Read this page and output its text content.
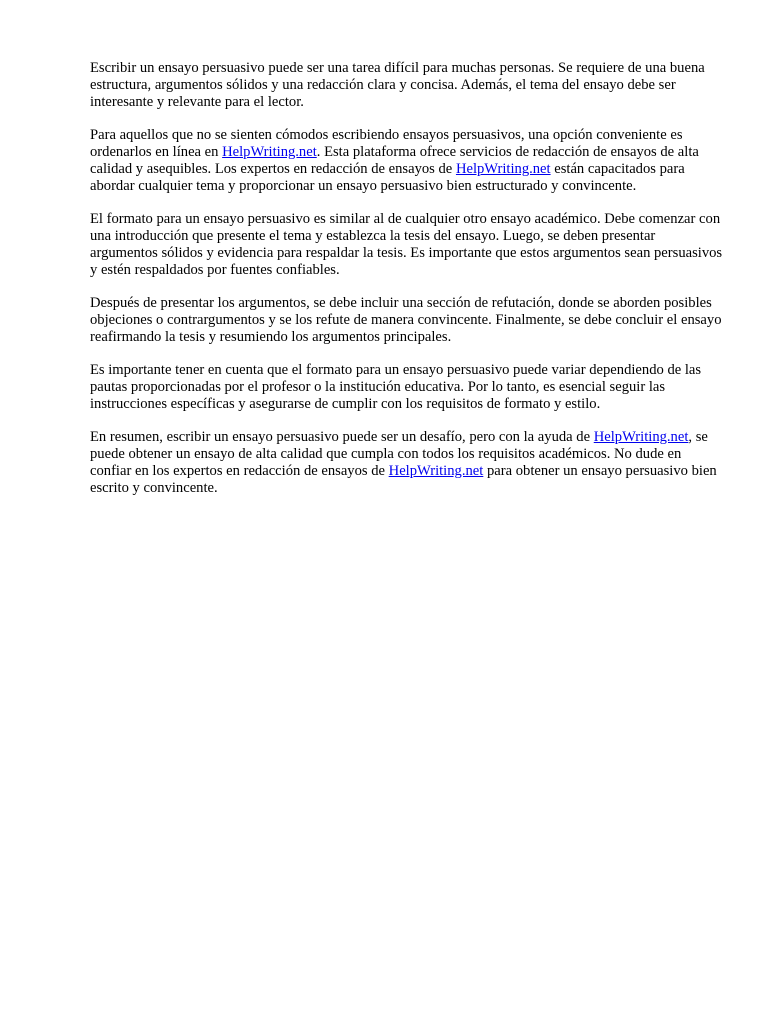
Escribir un ensayo persuasivo puede ser una tarea difícil para muchas personas. Se requiere de una buena estructura, argumentos sólidos y una redacción clara y concisa. Además, el tema del ensayo debe ser interesante y relevante para el lector.

Para aquellos que no se sienten cómodos escribiendo ensayos persuasivos, una opción conveniente es ordenarlos en línea en HelpWriting.net. Esta plataforma ofrece servicios de redacción de ensayos de alta calidad y asequibles. Los expertos en redacción de ensayos de HelpWriting.net están capacitados para abordar cualquier tema y proporcionar un ensayo persuasivo bien estructurado y convincente.

El formato para un ensayo persuasivo es similar al de cualquier otro ensayo académico. Debe comenzar con una introducción que presente el tema y establezca la tesis del ensayo. Luego, se deben presentar argumentos sólidos y evidencia para respaldar la tesis. Es importante que estos argumentos sean persuasivos y estén respaldados por fuentes confiables.

Después de presentar los argumentos, se debe incluir una sección de refutación, donde se aborden posibles objeciones o contrargumentos y se los refute de manera convincente. Finalmente, se debe concluir el ensayo reafirmando la tesis y resumiendo los argumentos principales.

Es importante tener en cuenta que el formato para un ensayo persuasivo puede variar dependiendo de las pautas proporcionadas por el profesor o la institución educativa. Por lo tanto, es esencial seguir las instrucciones específicas y asegurarse de cumplir con los requisitos de formato y estilo.

En resumen, escribir un ensayo persuasivo puede ser un desafío, pero con la ayuda de HelpWriting.net, se puede obtener un ensayo de alta calidad que cumpla con todos los requisitos académicos. No dude en confiar en los expertos en redacción de ensayos de HelpWriting.net para obtener un ensayo persuasivo bien escrito y convincente.
